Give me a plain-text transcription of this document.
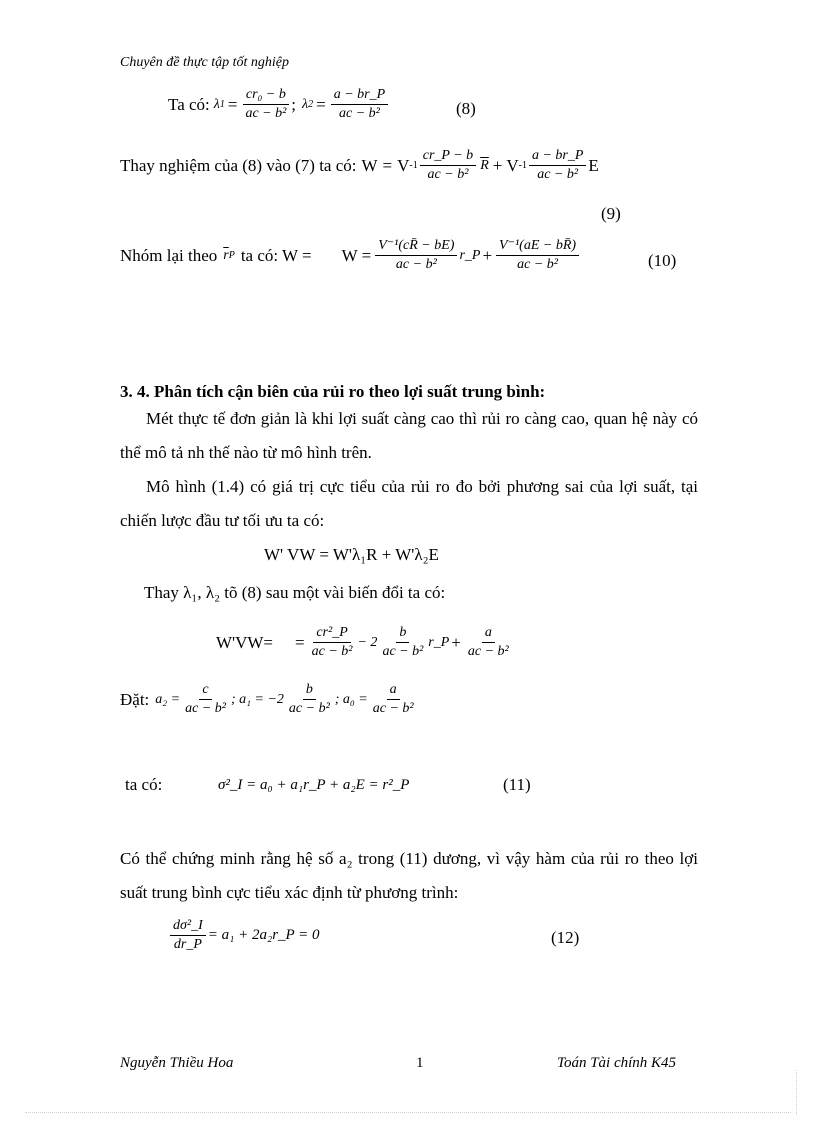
Chuyên đề thực tập tốt nghiệp
Ta có: λ $1 = \frac{\text{cr₀ − b}}{\text{ac − b²}}$ ; λ $2 = \frac{a - br\_P}{\text{ac − b²}}$	(8)
Thay nghiệm của (8) vào (7) ta có: W = V $-1 \frac{cr\_P - b}{\text{ac − b²}} \overline{R} + V$ $-1 \frac{a - br\_P}{\text{ac − b²}}$ E
(9)
Nhóm lại theo $\overline{r}$ P ta có: $W = W = \frac{\text{V⁻¹(cR̄ − bE)}}{\text{ac − b²}}$ r_P + $\frac{\text{V⁻¹(aE − bR̄)}}{\text{ac − b²}}$	(10)
3. 4. Phân tích cận biên của rủi ro theo lợi suất trung bình:
Mét thực tế đơn giản là khi lợi suất càng cao thì rủi ro càng cao, quan hệ này có thể mô tả nh thế nào từ mô hình trên.
Mô hình (1.4) có giá trị cực tiểu của rủi ro đo bởi phương sai của lợi suất, tại chiến lược đầu tư tối ưu ta có:
W' VW = W'λ₁R + W'λ₂E
Thay λ₁, λ₂ tõ (8) sau một vài biến đổi ta có:
$W'VW= = \frac{\text{cr²\_P}}{\text{ac − b²}} - 2 \frac{b}{\text{ac − b²}}$ r_P + $\frac{a}{\text{ac − b²}}$
Đặt: $a_2 = \frac{c}{\text{ac − b²}}$ ; $a_1 = -2 \frac{b}{\text{ac − b²}}$ ; $a_0 = \frac{a}{\text{ac − b²}}$
ta có:	σ²_I = a₀ + a₁r_P + a₂E = r²_P	(11)
Có thể chứng minh rằng hệ số a₂ trong (11) dương, vì vậy hàm của rủi ro theo lợi suất trung bình cực tiểu xác định từ phương trình:
$\frac{\text{dσ²\_I}}{dr\_P} = a_1$ + 2a₂r_P = 0	(12)
Nguyễn Thiều Hoa	1	Toán Tài chính K45
